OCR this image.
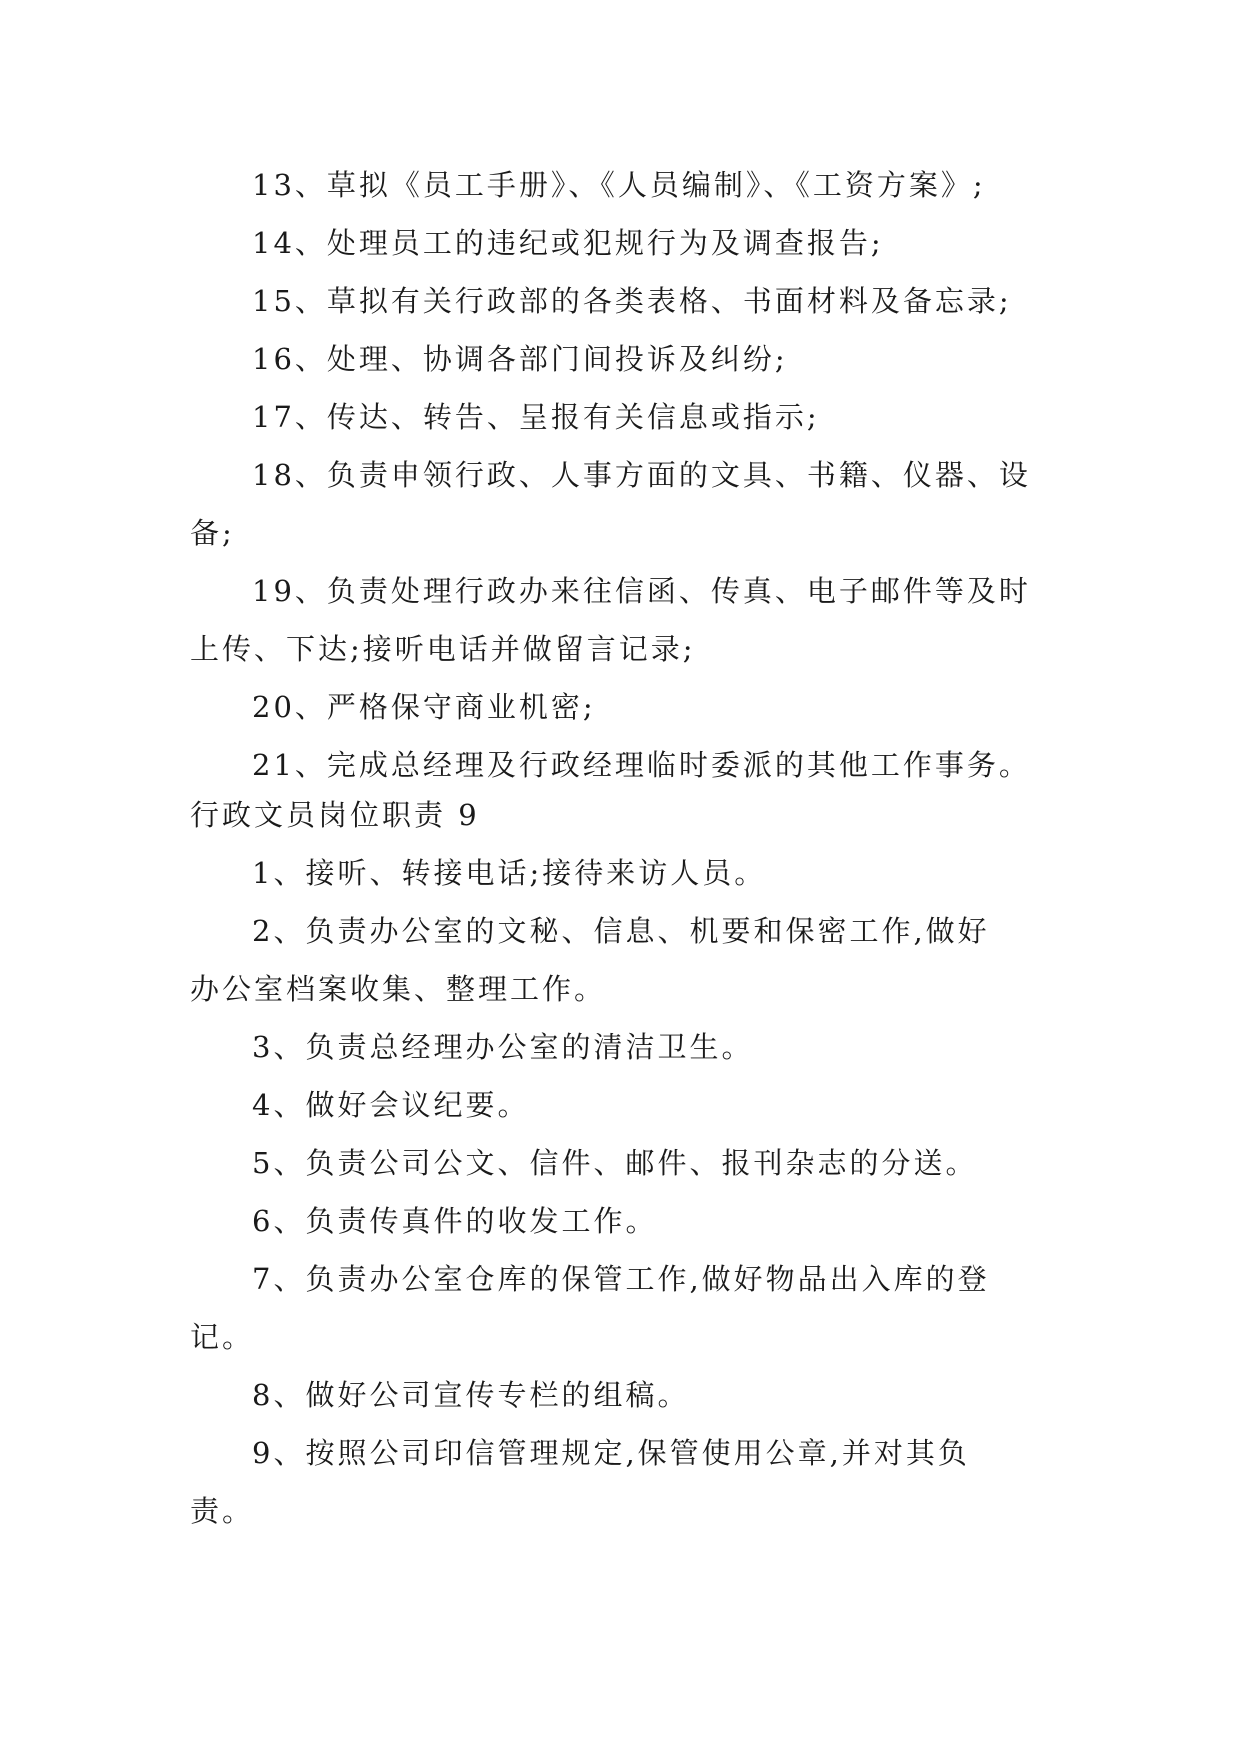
13、草拟《员工手册》、《人员编制》、《工资方案》;
14、处理员工的违纪或犯规行为及调查报告;
15、草拟有关行政部的各类表格、书面材料及备忘录;
16、处理、协调各部门间投诉及纠纷;
17、传达、转告、呈报有关信息或指示;
18、负责申领行政、人事方面的文具、书籍、仪器、设
备;
19、负责处理行政办来往信函、传真、电子邮件等及时
上传、下达;接听电话并做留言记录;
20、严格保守商业机密;
21、完成总经理及行政经理临时委派的其他工作事务。
行政文员岗位职责 9
1、接听、转接电话;接待来访人员。
2、负责办公室的文秘、信息、机要和保密工作,做好
办公室档案收集、整理工作。
3、负责总经理办公室的清洁卫生。
4、做好会议纪要。
5、负责公司公文、信件、邮件、报刊杂志的分送。
6、负责传真件的收发工作。
7、负责办公室仓库的保管工作,做好物品出入库的登
记。
8、做好公司宣传专栏的组稿。
9、按照公司印信管理规定,保管使用公章,并对其负
责。
